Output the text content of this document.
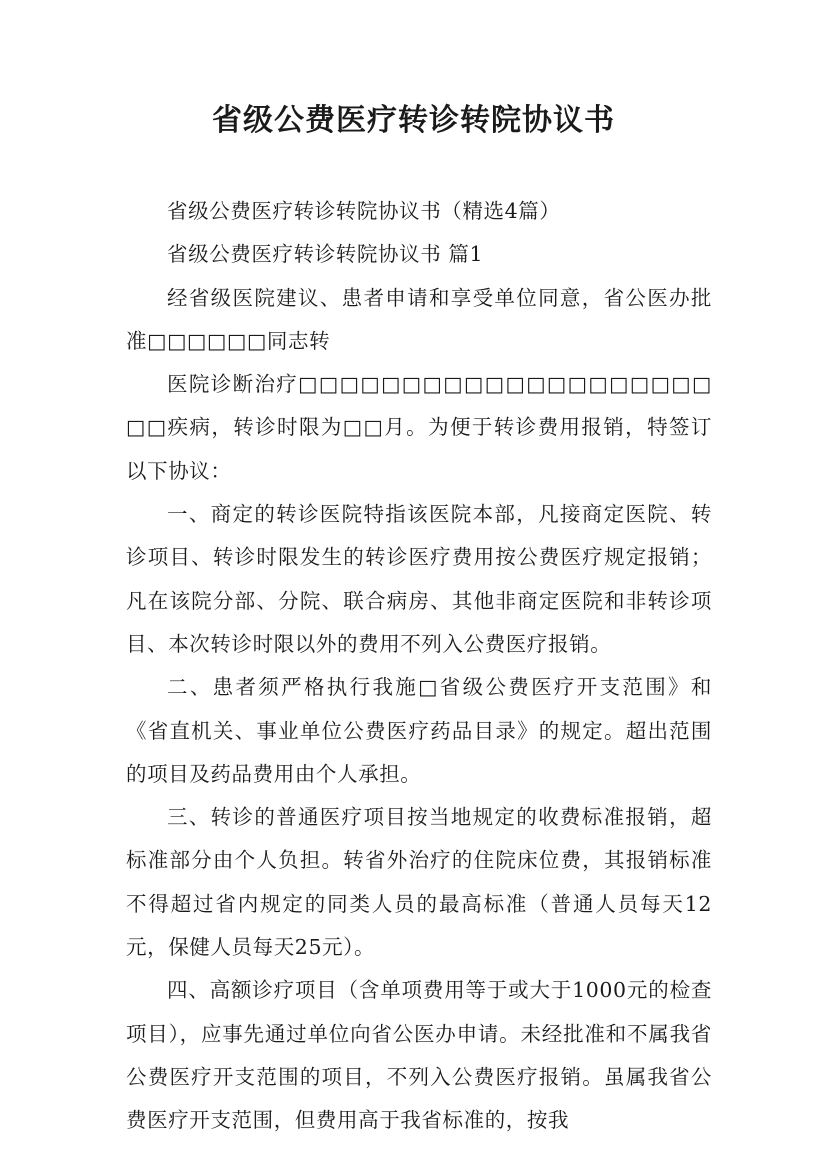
省级公费医疗转诊转院协议书

省级公费医疗转诊转院协议书（精选4篇）

省级公费医疗转诊转院协议书 篇1

经省级医院建议、患者申请和享受单位同意，省公医办批准□□□□□□同志转

医院诊断治疗□□□□□□□□□□□□□□□□□□□□□□疾病，转诊时限为□□月。为便于转诊费用报销，特签订以下协议：

一、商定的转诊医院特指该医院本部，凡接商定医院、转诊项目、转诊时限发生的转诊医疗费用按公费医疗规定报销；凡在该院分部、分院、联合病房、其他非商定医院和非转诊项目、本次转诊时限以外的费用不列入公费医疗报销。

二、患者须严格执行我施□省级公费医疗开支范围》和《省直机关、事业单位公费医疗药品目录》的规定。超出范围的项目及药品费用由个人承担。

三、转诊的普通医疗项目按当地规定的收费标准报销，超标准部分由个人负担。转省外治疗的住院床位费，其报销标准不得超过省内规定的同类人员的最高标准（普通人员每天12元，保健人员每天25元）。

四、高额诊疗项目（含单项费用等于或大于1000元的检查项目），应事先通过单位向省公医办申请。未经批准和不属我省公费医疗开支范围的项目，不列入公费医疗报销。虽属我省公费医疗开支范围，但费用高于我省标准的，按我
